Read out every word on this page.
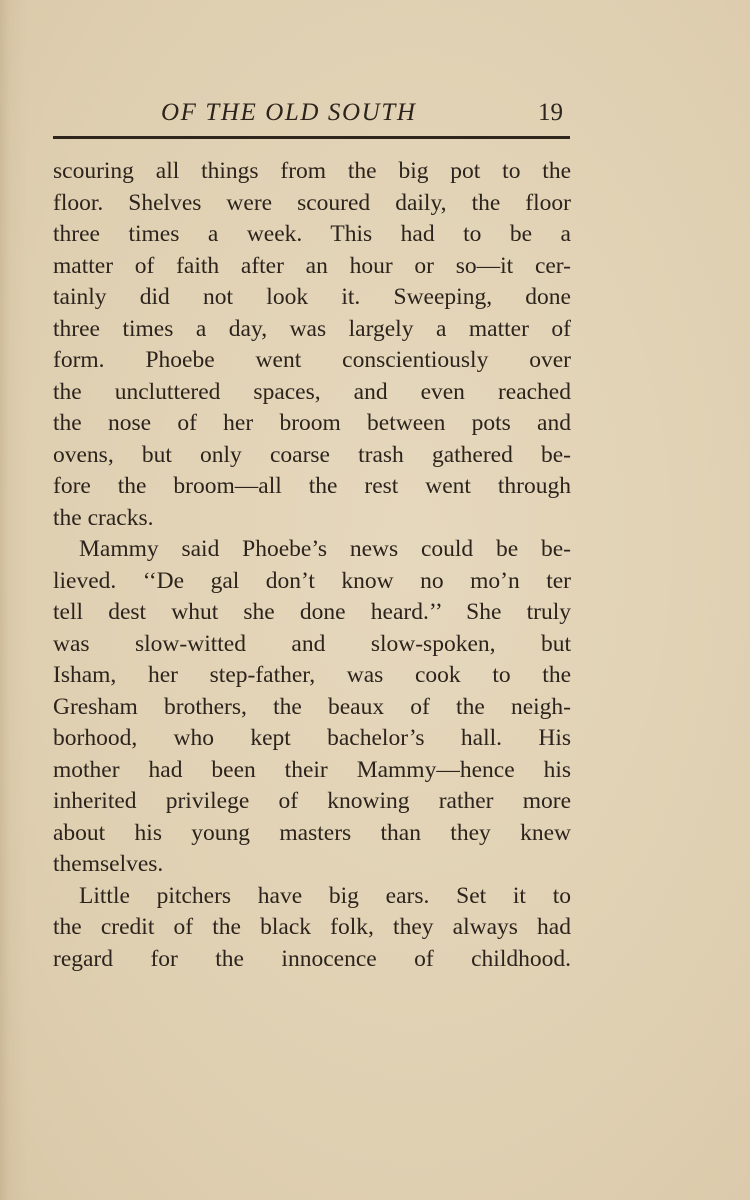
OF THE OLD SOUTH	19

scouring all things from the big pot to the
floor. Shelves were scoured daily, the floor
three times a week. This had to be a
matter of faith after an hour or so—it cer-
tainly did not look it. Sweeping, done
three times a day, was largely a matter of
form. Phoebe went conscientiously over
the uncluttered spaces, and even reached
the nose of her broom between pots and
ovens, but only coarse trash gathered be-
fore the broom—all the rest went through
the cracks.

Mammy said Phoebe’s news could be be-
lieved. ‘‘De gal don’t know no mo’n ter
tell dest whut she done heard.’’ She truly
was slow-witted and slow-spoken, but
Isham, her step-father, was cook to the
Gresham brothers, the beaux of the neigh-
borhood, who kept bachelor’s hall. His
mother had been their Mammy—hence his
inherited privilege of knowing rather more
about his young masters than they knew
themselves.

Little pitchers have big ears. Set it to
the credit of the black folk, they always had
regard for the innocence of childhood.
